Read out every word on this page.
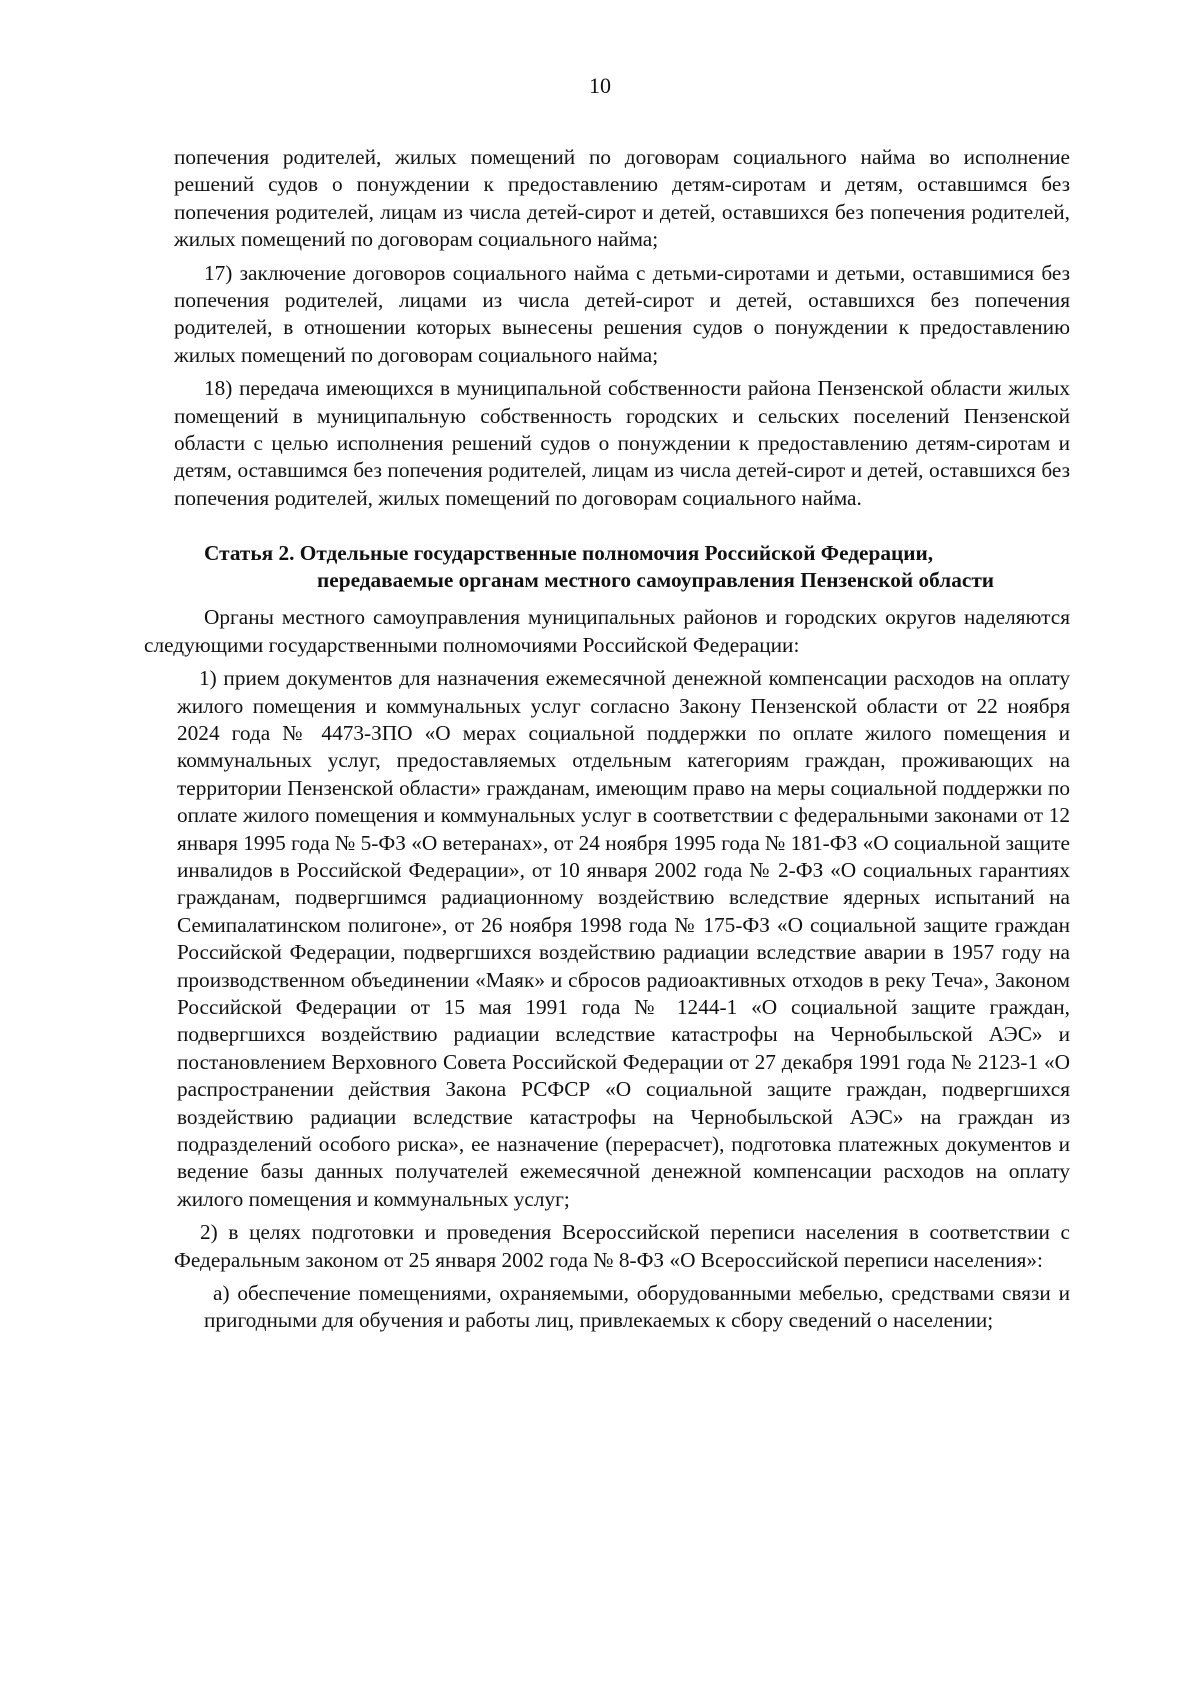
10

попечения родителей, жилых помещений по договорам социального найма во исполнение решений судов о понуждении к предоставлению детям-сиротам и детям, оставшимся без попечения родителей, лицам из числа детей-сирот и детей, оставшихся без попечения родителей, жилых помещений по договорам социального найма;

17) заключение договоров социального найма с детьми-сиротами и детьми, оставшимися без попечения родителей, лицами из числа детей-сирот и детей, оставшихся без попечения родителей, в отношении которых вынесены решения судов о понуждении к предоставлению жилых помещений по договорам социального найма;

18) передача имеющихся в муниципальной собственности района Пензенской области жилых помещений в муниципальную собственность городских и сельских поселений Пензенской области с целью исполнения решений судов о понуждении к предоставлению детям-сиротам и детям, оставшимся без попечения родителей, лицам из числа детей-сирот и детей, оставшихся без попечения родителей, жилых помещений по договорам социального найма.

Статья 2. Отдельные государственные полномочия Российской Федерации, передаваемые органам местного самоуправления Пензенской области

Органы местного самоуправления муниципальных районов и городских округов наделяются следующими государственными полномочиями Российской Федерации:

1) прием документов для назначения ежемесячной денежной компенсации расходов на оплату жилого помещения и коммунальных услуг согласно Закону Пензенской области от 22 ноября 2024 года № 4473-ЗПО «О мерах социальной поддержки по оплате жилого помещения и коммунальных услуг, предоставляемых отдельным категориям граждан, проживающих на территории Пензенской области» гражданам, имеющим право на меры социальной поддержки по оплате жилого помещения и коммунальных услуг в соответствии с федеральными законами от 12 января 1995 года № 5-ФЗ «О ветеранах», от 24 ноября 1995 года № 181-ФЗ «О социальной защите инвалидов в Российской Федерации», от 10 января 2002 года № 2-ФЗ «О социальных гарантиях гражданам, подвергшимся радиационному воздействию вследствие ядерных испытаний на Семипалатинском полигоне», от 26 ноября 1998 года № 175-ФЗ «О социальной защите граждан Российской Федерации, подвергшихся воздействию радиации вследствие аварии в 1957 году на производственном объединении «Маяк» и сбросов радиоактивных отходов в реку Теча», Законом Российской Федерации от 15 мая 1991 года № 1244-1 «О социальной защите граждан, подвергшихся воздействию радиации вследствие катастрофы на Чернобыльской АЭС» и постановлением Верховного Совета Российской Федерации от 27 декабря 1991 года № 2123-1 «О распространении действия Закона РСФСР «О социальной защите граждан, подвергшихся воздействию радиации вследствие катастрофы на Чернобыльской АЭС» на граждан из подразделений особого риска», ее назначение (перерасчет), подготовка платежных документов и ведение базы данных получателей ежемесячной денежной компенсации расходов на оплату жилого помещения и коммунальных услуг;

2) в целях подготовки и проведения Всероссийской переписи населения в соответствии с Федеральным законом от 25 января 2002 года № 8-ФЗ «О Всероссийской переписи населения»:

а) обеспечение помещениями, охраняемыми, оборудованными мебелью, средствами связи и пригодными для обучения и работы лиц, привлекаемых к сбору сведений о населении;
